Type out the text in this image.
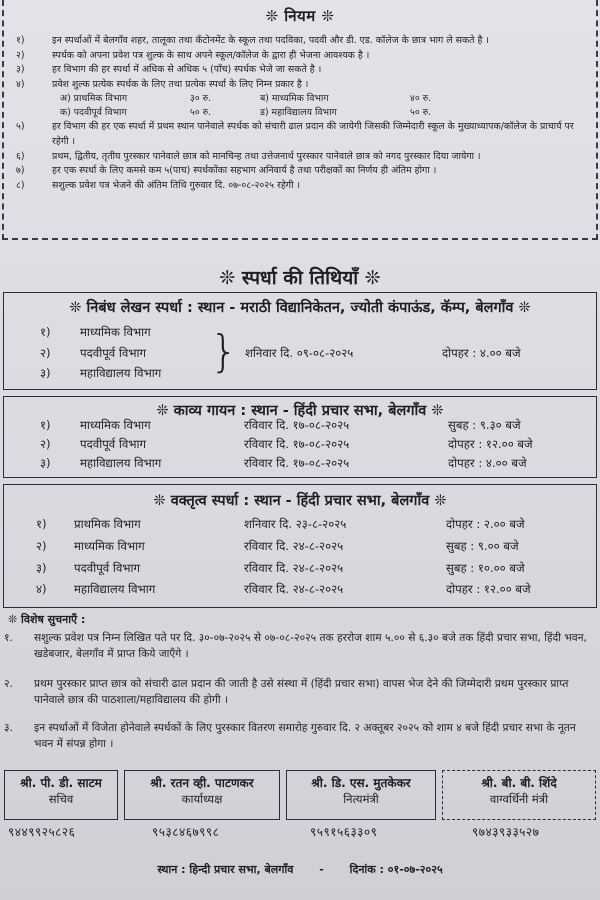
❊ नियम ❊
१)	इन स्पर्धाओं में बेलगाँव शहर, तालूका तथा कँटोनमेंट के स्कूल तथा पदविका, पदवी और डी. एड. कॉलेज के छात्र भाग ले सकते है ।
२)	स्पर्धक को अपना प्रवेश पत्र शुल्क के साथ अपने स्कूल/कॉलेज के द्वारा ही भेजना आवश्यक है ।
३)	हर विभाग की हर स्पर्धा में अधिक से अधिक ५ (पाँच) स्पर्धक भेजे जा सकते है ।
४)	प्रवेश शुल्क प्रत्येक स्पर्धक के लिए तथा प्रत्येक स्पर्धा के लिए निम्न प्रकार है ।
अ) प्राथमिक विभाग	३० रु.	ब) माध्यमिक विभाग	४० रु.
क) पदवीपूर्व विभाग	५० रु.	ड) महाविद्यालय विभाग	५० रु.
५)	हर विभाग की हर एक स्पर्धा में प्रथम स्थान पानेवाले स्पर्धक को संचारी ढाल प्रदान की जायेगी जिसकी जिम्मेदारी स्कूल के मुख्याध्यापक/कॉलेज के प्राचार्य पर रहेगी ।
६)	प्रथम, द्वितीय, तृतीय पुरस्कार पानेवाले छात्र को मानचिन्ह तथा उत्तेजनार्थ पुरस्कार पानेवाले छात्र को नगद पुरस्कार दिया जायेगा ।
७)	हर एक स्पर्धा के लिए कमसे कम ५(पाच) स्पर्धकोंका सहभाग अनिवार्य है तथा परीक्षकों का निर्णय ही अंतिम होगा ।
८)	सशुल्क प्रवेश पत्र भेजने की अंतिम तिथि गुरुवार दि. ०७-०८-२०२५ रहेगी ।
❊ स्पर्धा की तिथियाँ ❊
❊ निबंध लेखन स्पर्धा : स्थान - मराठी विद्यानिकेतन, ज्योती कंपाऊंड, कॅम्प, बेलगाँव ❊
१)	माध्यमिक विभाग
२)	पदवीपूर्व विभाग
३)	महाविद्यालय विभाग } शनिवार दि. ०९-०८-२०२५	दोपहर : ४.०० बजे
❊ काव्य गायन : स्थान - हिंदी प्रचार सभा, बेलगाँव ❊
१)	माध्यमिक विभाग	रविवार दि. १७-०८-२०२५	सुबह : ९.३० बजे
२)	पदवीपूर्व विभाग	रविवार दि. १७-०८-२०२५	दोपहर : १२.०० बजे
३)	महाविद्यालय विभाग	रविवार दि. १७-०८-२०२५	दोपहर : ४.०० बजे
❊ वक्तृत्व स्पर्धा : स्थान - हिंदी प्रचार सभा, बेलगाँव ❊
१) प्राथमिक विभाग	शनिवार दि. २३-८-२०२५	दोपहर : २.०० बजे
२) माध्यमिक विभाग	रविवार दि. २४-८-२०२५	सुबह : ९.०० बजे
३) पदवीपूर्व विभाग	रविवार दि. २४-८-२०२५	सुबह : १०.०० बजे
४) महाविद्यालय विभाग	रविवार दि. २४-८-२०२५	दोपहर : १२.०० बजे
❊ विशेष सुचनाएँ :
१. सशुल्क प्रवेश पत्र निम्न लिखित पते पर दि. ३०-०७-२०२५ से ०७-०८-२०२५ तक हररोज शाम ५.०० से ६.३० बजे तक हिंदी प्रचार सभा, हिंदी भवन, खडेबजार, बेलगाँव में प्राप्त किये जाएँगे ।
२. प्रथम पुरस्कार प्राप्त छात्र को संचारी ढाल प्रदान की जाती है उसे संस्था में (हिंदी प्रचार सभा) वापस भेज देने की जिम्मेदारी प्रथम पुरस्कार प्राप्त पानेवाले छात्र की पाठशाला/महाविद्यालय की होगी ।
३. इन स्पर्धाओं में विजेता होनेवाले स्पर्धकों के लिए पुरस्कार वितरण समारोह गुरुवार दि. २ अक्तूबर २०२५ को शाम ४ बजे हिंदी प्रचार सभा के नूतन भवन में संपन्न होगा ।
श्री. पी. डी. साटम
सचिव
९४४९९२५८२६
श्री. रतन व्ही. पाटणकर
कार्याध्यक्ष
९५३८४६७९९८
श्री. डि. एस. मुतकेकर
नित्यमंत्री
९५९१५६३३०९
श्री. बी. बी. शिंदे
वाग्वर्धिनी मंत्री
९७४३९३३५२७
स्थान : हिन्दी प्रचार सभा, बेलगाँव - दिनांक : ०१-०७-२०२५
